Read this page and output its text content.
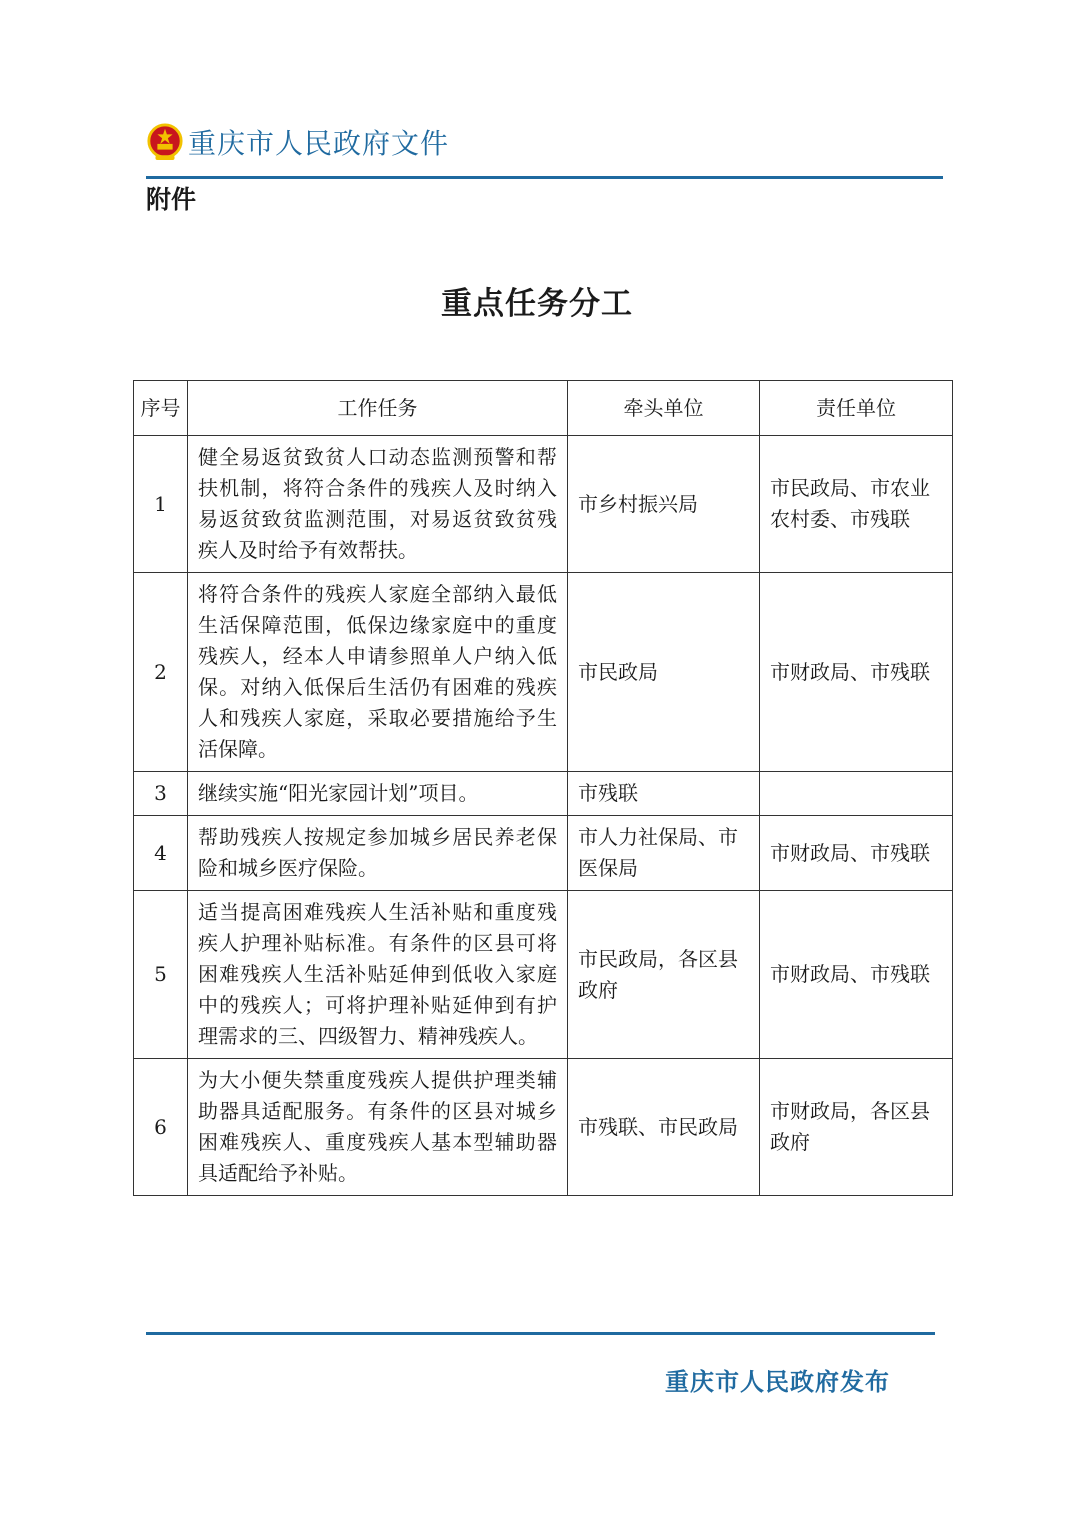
重庆市人民政府文件
附件
重点任务分工
序号	工作任务	牵头单位	责任单位
1	健全易返贫致贫人口动态监测预警和帮扶机制，将符合条件的残疾人及时纳入易返贫致贫监测范围，对易返贫致贫残疾人及时给予有效帮扶。	市乡村振兴局	市民政局、市农业农村委、市残联
2	将符合条件的残疾人家庭全部纳入最低生活保障范围，低保边缘家庭中的重度残疾人，经本人申请参照单人户纳入低保。对纳入低保后生活仍有困难的残疾人和残疾人家庭，采取必要措施给予生活保障。	市民政局	市财政局、市残联
3	继续实施“阳光家园计划”项目。	市残联	
4	帮助残疾人按规定参加城乡居民养老保险和城乡医疗保险。	市人力社保局、市医保局	市财政局、市残联
5	适当提高困难残疾人生活补贴和重度残疾人护理补贴标准。有条件的区县可将困难残疾人生活补贴延伸到低收入家庭中的残疾人；可将护理补贴延伸到有护理需求的三、四级智力、精神残疾人。	市民政局，各区县政府	市财政局、市残联
6	为大小便失禁重度残疾人提供护理类辅助器具适配服务。有条件的区县对城乡困难残疾人、重度残疾人基本型辅助器具适配给予补贴。	市残联、市民政局	市财政局，各区县政府
重庆市人民政府发布
